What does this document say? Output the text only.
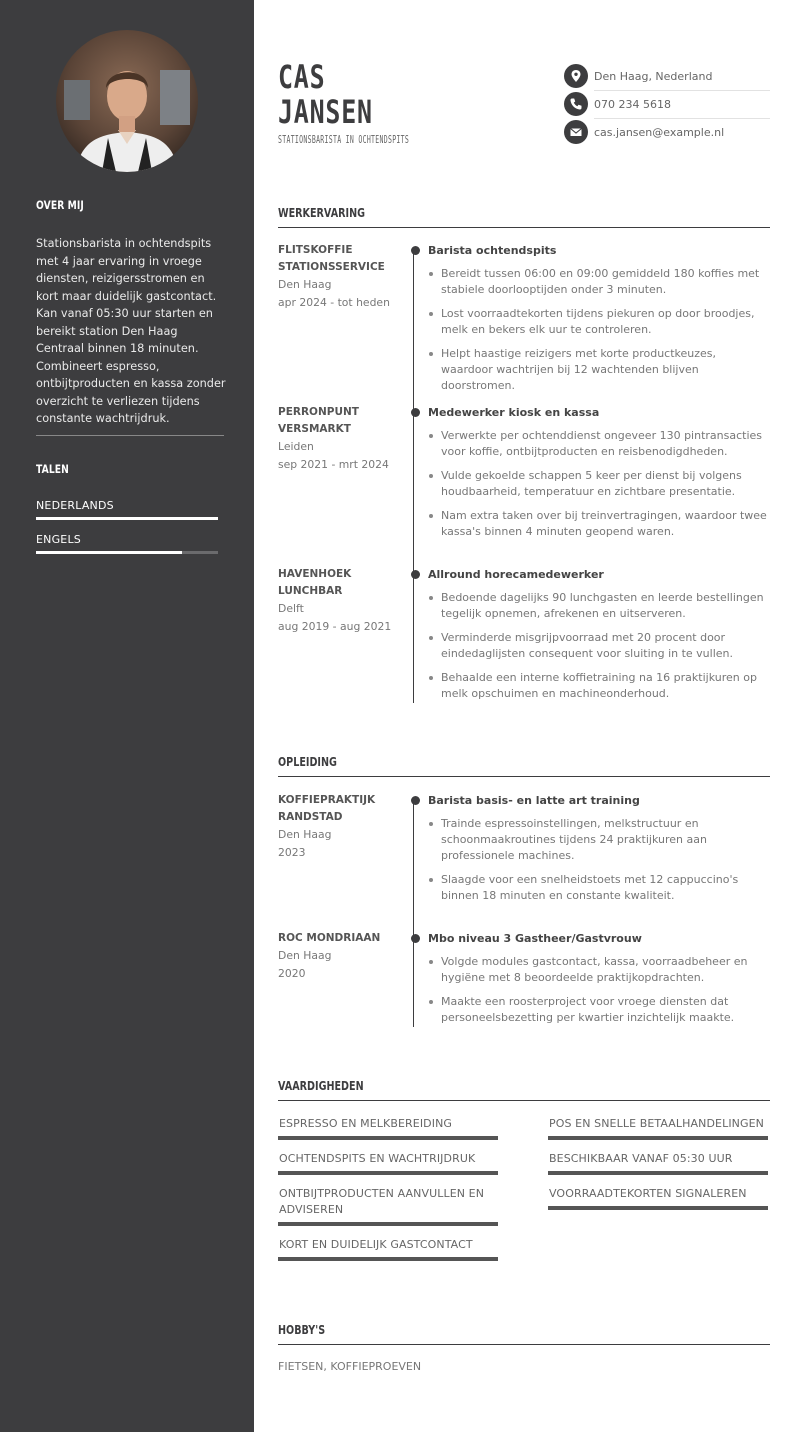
OVER MIJ
Stationsbarista in ochtendspits met 4 jaar ervaring in vroege diensten, reizigersstromen en kort maar duidelijk gastcontact. Kan vanaf 05:30 uur starten en bereikt station Den Haag Centraal binnen 18 minuten. Combineert espresso, ontbijtproducten en kassa zonder overzicht te verliezen tijdens constante wachtrijdruk.
TALEN
NEDERLANDS
ENGELS
CAS
JANSEN
STATIONSBARISTA IN OCHTENDSPITS
Den Haag, Nederland
070 234 5618
cas.jansen@example.nl
WERKERVARING
FLITSKOFFIE STATIONSSERVICE
Den Haag
apr 2024 - tot heden
Barista ochtendspits
Bereidt tussen 06:00 en 09:00 gemiddeld 180 koffies met stabiele doorlooptijden onder 3 minuten.
Lost voorraadtekorten tijdens piekuren op door broodjes, melk en bekers elk uur te controleren.
Helpt haastige reizigers met korte productkeuzes, waardoor wachtrijen bij 12 wachtenden blijven doorstromen.
PERRONPUNT VERSMARKT
Leiden
sep 2021 - mrt 2024
Medewerker kiosk en kassa
Verwerkte per ochtenddienst ongeveer 130 pintransacties voor koffie, ontbijtproducten en reisbenodigdheden.
Vulde gekoelde schappen 5 keer per dienst bij volgens houdbaarheid, temperatuur en zichtbare presentatie.
Nam extra taken over bij treinvertragingen, waardoor twee kassa's binnen 4 minuten geopend waren.
HAVENHOEK LUNCHBAR
Delft
aug 2019 - aug 2021
Allround horecamedewerker
Bedoende dagelijks 90 lunchgasten en leerde bestellingen tegelijk opnemen, afrekenen en uitserveren.
Verminderde misgrijpvoorraad met 20 procent door eindedaglijsten consequent voor sluiting in te vullen.
Behaalde een interne koffietraining na 16 praktijkuren op melk opschuimen en machineonderhoud.
OPLEIDING
KOFFIEPRAKTIJK RANDSTAD
Den Haag
2023
Barista basis- en latte art training
Trainde espressoinstellingen, melkstructuur en schoonmaakroutines tijdens 24 praktijkuren aan professionele machines.
Slaagde voor een snelheidstoets met 12 cappuccino's binnen 18 minuten en constante kwaliteit.
ROC MONDRIAAN
Den Haag
2020
Mbo niveau 3 Gastheer/Gastvrouw
Volgde modules gastcontact, kassa, voorraadbeheer en hygiëne met 8 beoordeelde praktijkopdrachten.
Maakte een roosterproject voor vroege diensten dat personeelsbezetting per kwartier inzichtelijk maakte.
VAARDIGHEDEN
ESPRESSO EN MELKBEREIDING	POS EN SNELLE BETAALHANDELINGEN
OCHTENDSPITS EN WACHTRIJDRUK	BESCHIKBAAR VANAF 05:30 UUR
ONTBIJTPRODUCTEN AANVULLEN EN ADVISEREN
VOORRAADTEKORTEN SIGNALEREN
KORT EN DUIDELIJK GASTCONTACT
HOBBY'S
FIETSEN, KOFFIEPROEVEN
